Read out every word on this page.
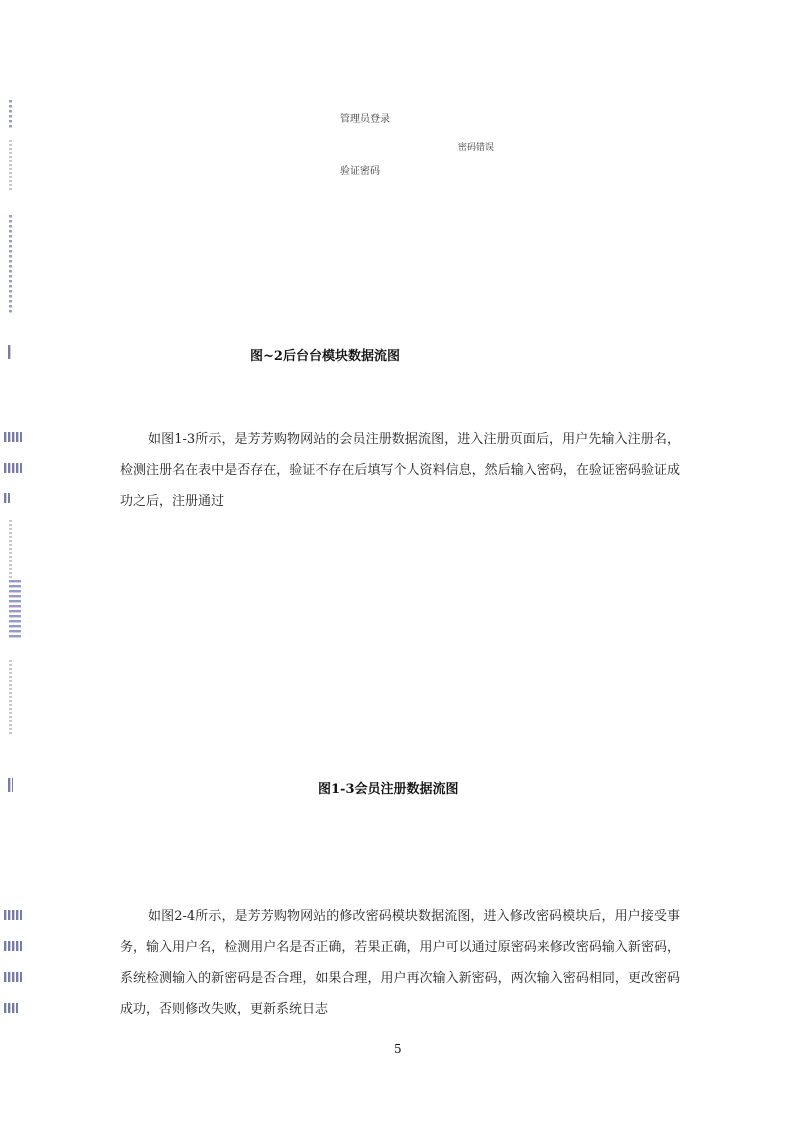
管理员登录
密码错误
验证密码
图~2后台台模块数据流图
如图1-3所示，是芳芳购物网站的会员注册数据流图，进入注册页面后，用户先输入注册名，检测注册名在表中是否存在，验证不存在后填写个人资料信息，然后输入密码，在验证密码验证成功之后，注册通过
图1-3会员注册数据流图
如图2-4所示，是芳芳购物网站的修改密码模块数据流图，进入修改密码模块后，用户接受事务，输入用户名，检测用户名是否正确，若果正确，用户可以通过原密码来修改密码输入新密码，系统检测输入的新密码是否合理，如果合理，用户再次输入新密码，两次输入密码相同，更改密码成功，否则修改失败，更新系统日志
5
